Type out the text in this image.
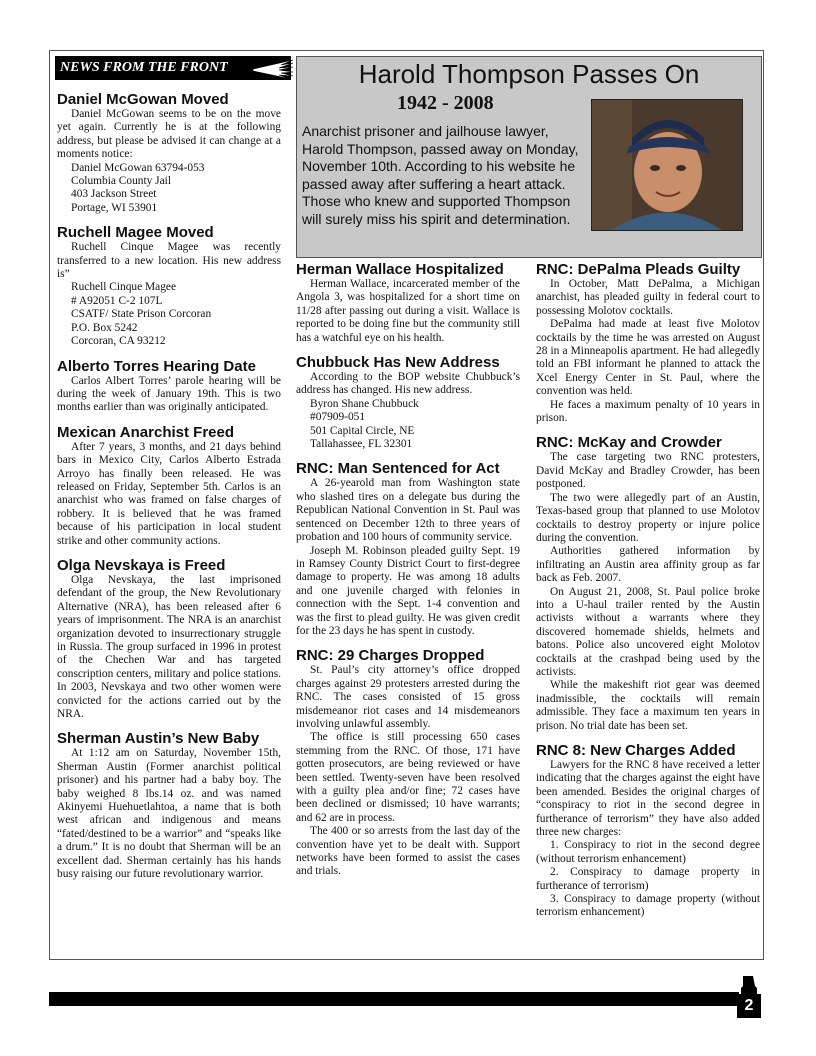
NEWS FROM THE FRONT	Harold Thompson Passes On
1942 - 2008
Anarchist prisoner and jailhouse lawyer, Harold Thompson, passed away on Monday, November 10th. According to his website he passed away after suffering a heart attack. Those who knew and supported Thompson will surely miss his spirit and determination.
Daniel McGowan Moved

Daniel McGowan seems to be on the move yet again. Currently he is at the following address, but please be advised it can change at a moments notice:

Daniel McGowan 63794-053
Columbia County Jail
403 Jackson Street
Portage, WI 53901

Ruchell Magee Moved

Ruchell Cinque Magee was recently transferred to a new location. His new address is”

Ruchell Cinque Magee
# A92051 C-2 107L
CSATF/ State Prison Corcoran
P.O. Box 5242
Corcoran, CA 93212

Alberto Torres Hearing Date

Carlos Albert Torres’ parole hearing will be during the week of January 19th. This is two months earlier than was originally anticipated.

Mexican Anarchist Freed

After 7 years, 3 months, and 21 days behind bars in Mexico City, Carlos Alberto Estrada Arroyo has finally been released. He was released on Friday, September 5th. Carlos is an anarchist who was framed on false charges of robbery. It is believed that he was framed because of his participation in local student strike and other community actions.

Olga Nevskaya is Freed

Olga Nevskaya, the last imprisoned defendant of the group, the New Revolutionary Alternative (NRA), has been released after 6 years of imprisonment. The NRA is an anarchist organization devoted to insurrectionary struggle in Russia. The group surfaced in 1996 in protest of the Chechen War and has targeted conscription centers, military and police stations. In 2003, Nevskaya and two other women were convicted for the actions carried out by the NRA.

Sherman Austin’s New Baby

At 1:12 am on Saturday, November 15th, Sherman Austin (Former anarchist political prisoner) and his partner had a baby boy. The baby weighed 8 lbs.14 oz. and was named Akinyemi Huehuetlahtoa, a name that is both west african and indigenous and means “fated/destined to be a warrior” and “speaks like a drum.” It is no doubt that Sherman will be an excellent dad. Sherman certainly has his hands busy raising our future revolutionary warrior.

Herman Wallace Hospitalized

Herman Wallace, incarcerated member of the Angola 3, was hospitalized for a short time on 11/28 after passing out during a visit. Wallace is reported to be doing fine but the community still has a watchful eye on his health.

Chubbuck Has New Address

According to the BOP website Chubbuck’s address has changed. His new address.

Byron Shane Chubbuck
#07909-051
501 Capital Circle, NE
Tallahassee, FL 32301

RNC: Man Sentenced for Act

A 26-yearold man from Washington state who slashed tires on a delegate bus during the Republican National Convention in St. Paul was sentenced on December 12th to three years of probation and 100 hours of community service.

Joseph M. Robinson pleaded guilty Sept. 19 in Ramsey County District Court to first-degree damage to property. He was among 18 adults and one juvenile charged with felonies in connection with the Sept. 1-4 convention and was the first to plead guilty. He was given credit for the 23 days he has spent in custody.

RNC: 29 Charges Dropped

St. Paul’s city attorney’s office dropped charges against 29 protesters arrested during the RNC. The cases consisted of 15 gross misdemeanor riot cases and 14 misdemeanors involving unlawful assembly.

The office is still processing 650 cases stemming from the RNC. Of those, 171 have gotten prosecutors, are being reviewed or have been settled. Twenty-seven have been resolved with a guilty plea and/or fine; 72 cases have been declined or dismissed; 10 have warrants; and 62 are in process.

The 400 or so arrests from the last day of the convention have yet to be dealt with. Support networks have been formed to assist the cases and trials.

RNC: DePalma Pleads Guilty

In October, Matt DePalma, a Michigan anarchist, has pleaded guilty in federal court to possessing Molotov cocktails.

DePalma had made at least five Molotov cocktails by the time he was arrested on August 28 in a Minneapolis apartment. He had allegedly told an FBI informant he planned to attack the Xcel Energy Center in St. Paul, where the convention was held.

He faces a maximum penalty of 10 years in prison.

RNC: McKay and Crowder

The case targeting two RNC protesters, David McKay and Bradley Crowder, has been postponed.

The two were allegedly part of an Austin, Texas-based group that planned to use Molotov cocktails to destroy property or injure police during the convention.

Authorities gathered information by infiltrating an Austin area affinity group as far back as Feb. 2007.

On August 21, 2008, St. Paul police broke into a U-haul trailer rented by the Austin activists without a warrants where they discovered homemade shields, helmets and batons. Police also uncovered eight Molotov cocktails at the crashpad being used by the activists.

While the makeshift riot gear was deemed inadmissible, the cocktails will remain admissible. They face a maximum ten years in prison. No trial date has been set.

RNC 8: New Charges Added

Lawyers for the RNC 8 have received a letter indicating that the charges against the eight have been amended. Besides the original charges of “conspiracy to riot in the second degree in furtherance of terrorism” they have also added three new charges:

1. Conspiracy to riot in the second degree (without terrorism enhancement)

2. Conspiracy to damage property in furtherance of terrorism)

3. Conspiracy to damage property (without terrorism enhancement)

2
